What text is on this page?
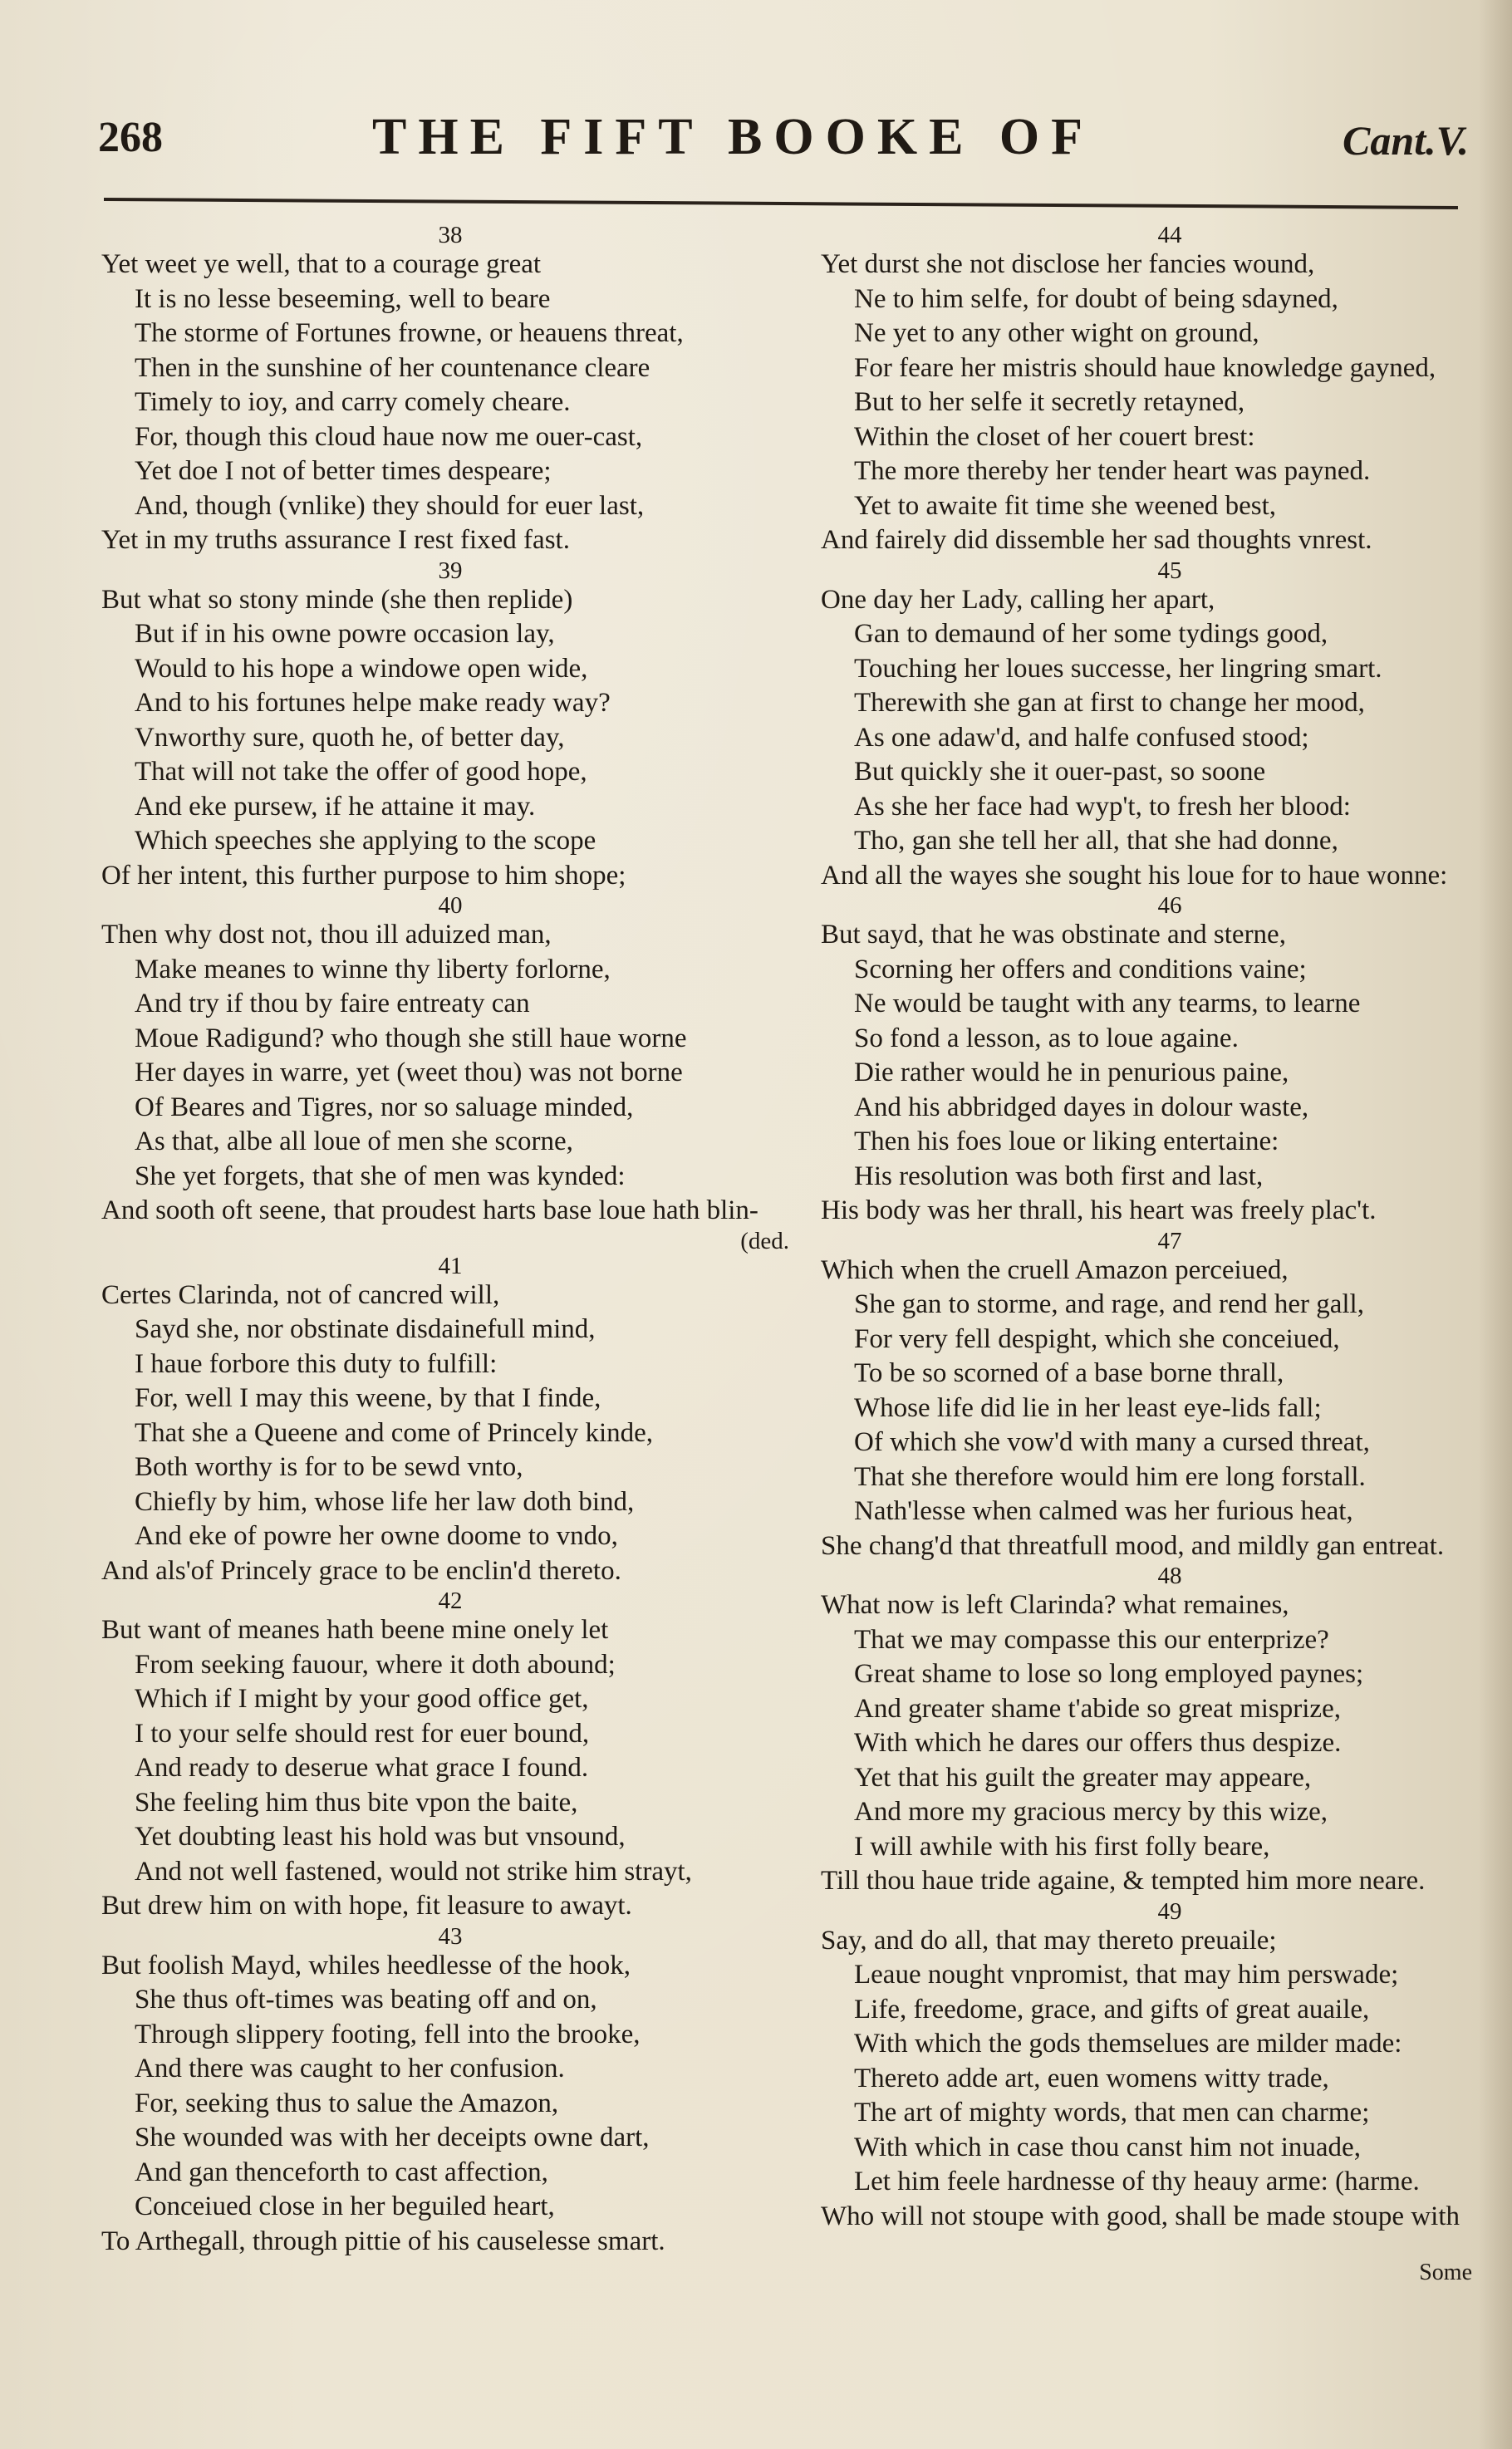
268	THE FIFT BOOKE OF	Cant.V.
38
Yet weet ye well, that to a courage great
It is no lesse beseeming, well to beare
The storme of Fortunes frowne, or heauens threat,
Then in the sunshine of her countenance cleare
Timely to ioy, and carry comely cheare.
For, though this cloud haue now me ouer-cast,
Yet doe I not of better times despeare;
And, though (vnlike) they should for euer last,
Yet in my truths assurance I rest fixed fast.
39
But what so stony minde (she then replide)
But if in his owne powre occasion lay,
Would to his hope a windowe open wide,
And to his fortunes helpe make ready way?
Vnworthy sure, quoth he, of better day,
That will not take the offer of good hope,
And eke pursew, if he attaine it may.
Which speeches she applying to the scope
Of her intent, this further purpose to him shope;
40
Then why dost not, thou ill aduized man,
Make meanes to winne thy liberty forlorne,
And try if thou by faire entreaty can
Moue Radigund? who though she still haue worne
Her dayes in warre, yet (weet thou) was not borne
Of Beares and Tigres, nor so saluage minded,
As that, albe all loue of men she scorne,
She yet forgets, that she of men was kynded:
And sooth oft seene, that proudest harts base loue hath blin-
(ded.
41
Certes Clarinda, not of cancred will,
Sayd she, nor obstinate disdainefull mind,
I haue forbore this duty to fulfill:
For, well I may this weene, by that I finde,
That she a Queene and come of Princely kinde,
Both worthy is for to be sewd vnto,
Chiefly by him, whose life her law doth bind,
And eke of powre her owne doome to vndo,
And als'of Princely grace to be enclin'd thereto.
42
But want of meanes hath beene mine onely let
From seeking fauour, where it doth abound;
Which if I might by your good office get,
I to your selfe should rest for euer bound,
And ready to deserue what grace I found.
She feeling him thus bite vpon the baite,
Yet doubting least his hold was but vnsound,
And not well fastened, would not strike him strayt,
But drew him on with hope, fit leasure to awayt.
43
But foolish Mayd, whiles heedlesse of the hook,
She thus oft-times was beating off and on,
Through slippery footing, fell into the brooke,
And there was caught to her confusion.
For, seeking thus to salue the Amazon,
She wounded was with her deceipts owne dart,
And gan thenceforth to cast affection,
Conceiued close in her beguiled heart,
To Arthegall, through pittie of his causelesse smart.
44
Yet durst she not disclose her fancies wound,
Ne to him selfe, for doubt of being sdayned,
Ne yet to any other wight on ground,
For feare her mistris should haue knowledge gayned,
But to her selfe it secretly retayned,
Within the closet of her couert brest:
The more thereby her tender heart was payned.
Yet to awaite fit time she weened best,
And fairely did dissemble her sad thoughts vnrest.
45
One day her Lady, calling her apart,
Gan to demaund of her some tydings good,
Touching her loues successe, her lingring smart.
Therewith she gan at first to change her mood,
As one adaw'd, and halfe confused stood;
But quickly she it ouer-past, so soone
As she her face had wyp't, to fresh her blood:
Tho, gan she tell her all, that she had donne,
And all the wayes she sought his loue for to haue wonne:
46
But sayd, that he was obstinate and sterne,
Scorning her offers and conditions vaine;
Ne would be taught with any tearms, to learne
So fond a lesson, as to loue againe.
Die rather would he in penurious paine,
And his abbridged dayes in dolour waste,
Then his foes loue or liking entertaine:
His resolution was both first and last,
His body was her thrall, his heart was freely plac't.
47
Which when the cruell Amazon perceiued,
She gan to storme, and rage, and rend her gall,
For very fell despight, which she conceiued,
To be so scorned of a base borne thrall,
Whose life did lie in her least eye-lids fall;
Of which she vow'd with many a cursed threat,
That she therefore would him ere long forstall.
Nath'lesse when calmed was her furious heat,
She chang'd that threatfull mood, and mildly gan entreat.
48
What now is left Clarinda? what remaines,
That we may compasse this our enterprize?
Great shame to lose so long employed paynes;
And greater shame t'abide so great misprize,
With which he dares our offers thus despize.
Yet that his guilt the greater may appeare,
And more my gracious mercy by this wize,
I will awhile with his first folly beare,
Till thou haue tride againe, & tempted him more neare.
49
Say, and do all, that may thereto preuaile;
Leaue nought vnpromist, that may him perswade;
Life, freedome, grace, and gifts of great auaile,
With which the gods themselues are milder made:
Thereto adde art, euen womens witty trade,
The art of mighty words, that men can charme;
With which in case thou canst him not inuade,
Let him feele hardnesse of thy heauy arme: (harme.
Who will not stoupe with good, shall be made stoupe with
Some
